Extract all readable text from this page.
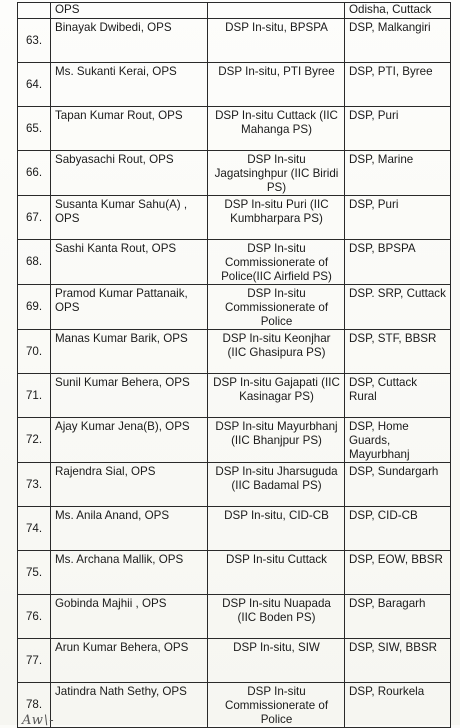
	OPS		Odisha, Cuttack
63.	Binayak Dwibedi, OPS	DSP In-situ, BPSPA	DSP, Malkangiri
64.	Ms. Sukanti Kerai, OPS	DSP In-situ, PTI Byree	DSP, PTI, Byree
65.	Tapan Kumar Rout, OPS	DSP In-situ Cuttack (IIC Mahanga PS)	DSP, Puri
66.	Sabyasachi Rout, OPS	DSP In-situ Jagatsinghpur (IIC Biridi PS)	DSP, Marine
67.	Susanta Kumar Sahu(A) , OPS	DSP In-situ Puri (IIC Kumbharpara PS)	DSP, Puri
68.	Sashi Kanta Rout, OPS	DSP In-situ Commissionerate of Police(IIC Airfield PS)	DSP, BPSPA
69.	Pramod Kumar Pattanaik, OPS	DSP In-situ Commissionerate of Police	DSP. SRP, Cuttack
70.	Manas Kumar Barik, OPS	DSP In-situ Keonjhar (IIC Ghasipura PS)	DSP, STF, BBSR
71.	Sunil Kumar Behera, OPS	DSP In-situ Gajapati (IIC Kasinagar PS)	DSP, Cuttack Rural
72.	Ajay Kumar Jena(B), OPS	DSP In-situ Mayurbhanj (IIC Bhanjpur PS)	DSP, Home Guards, Mayurbhanj
73.	Rajendra Sial, OPS	DSP In-situ Jharsuguda (IIC Badamal PS)	DSP, Sundargarh
74.	Ms. Anila Anand, OPS	DSP In-situ, CID-CB	DSP, CID-CB
75.	Ms. Archana Mallik, OPS	DSP In-situ Cuttack	DSP, EOW, BBSR
76.	Gobinda Majhii , OPS	DSP In-situ Nuapada (IIC Boden PS)	DSP, Baragarh
77.	Arun Kumar Behera, OPS	DSP In-situ, SIW	DSP, SIW, BBSR
78.	Jatindra Nath Sethy, OPS	DSP In-situ Commissionerate of Police	DSP, Rourkela
Aw\-
